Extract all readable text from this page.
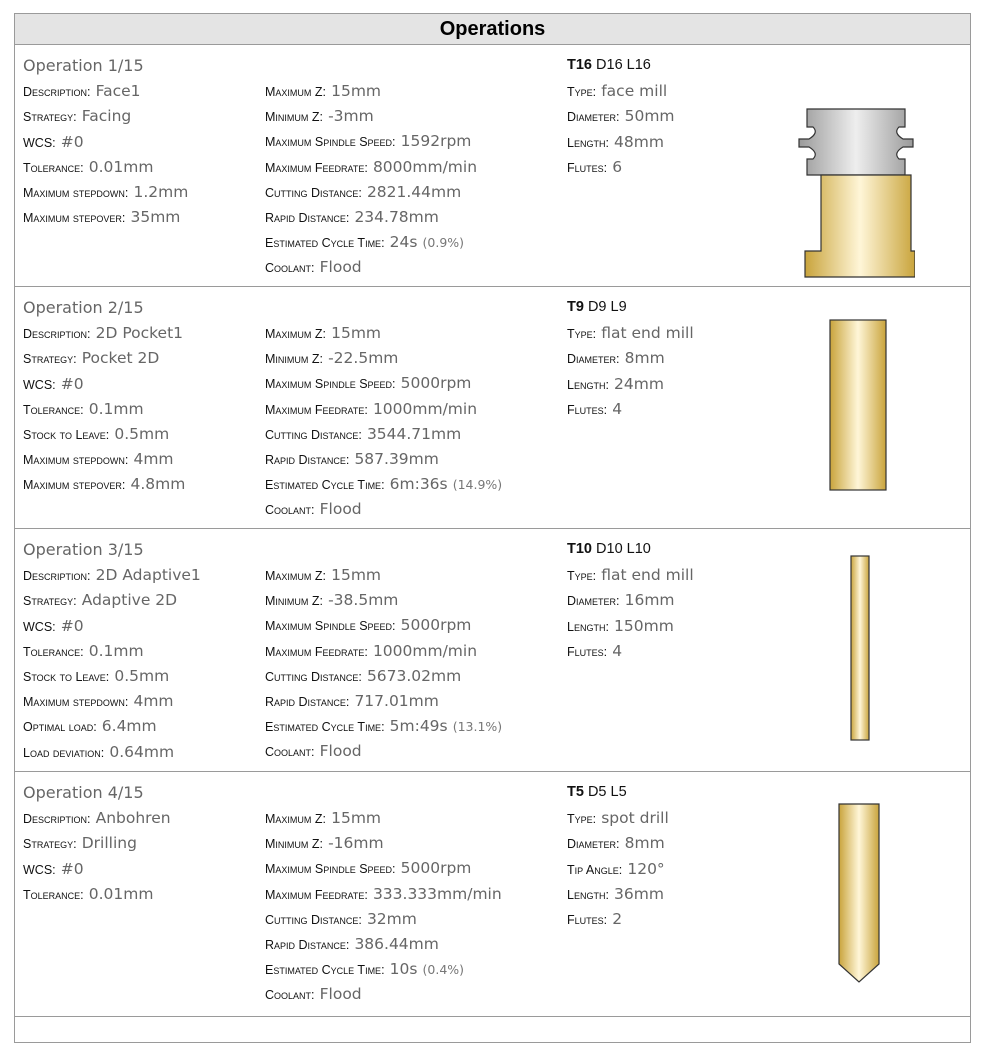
Operations
Operation 1/15
Description: Face1
Strategy: Facing
WCS: #0
Tolerance: 0.01mm
Maximum stepdown: 1.2mm
Maximum stepover: 35mm
Maximum Z: 15mm
Minimum Z: -3mm
Maximum Spindle Speed: 1592rpm
Maximum Feedrate: 8000mm/min
Cutting Distance: 2821.44mm
Rapid Distance: 234.78mm
Estimated Cycle Time: 24s (0.9%)
Coolant: Flood
T16 D16 L16
Type: face mill
Diameter: 50mm
Length: 48mm
Flutes: 6
Operation 2/15
Description: 2D Pocket1
Strategy: Pocket 2D
WCS: #0
Tolerance: 0.1mm
Stock to Leave: 0.5mm
Maximum stepdown: 4mm
Maximum stepover: 4.8mm
Maximum Z: 15mm
Minimum Z: -22.5mm
Maximum Spindle Speed: 5000rpm
Maximum Feedrate: 1000mm/min
Cutting Distance: 3544.71mm
Rapid Distance: 587.39mm
Estimated Cycle Time: 6m:36s (14.9%)
Coolant: Flood
T9 D9 L9
Type: flat end mill
Diameter: 8mm
Length: 24mm
Flutes: 4
Operation 3/15
Description: 2D Adaptive1
Strategy: Adaptive 2D
WCS: #0
Tolerance: 0.1mm
Stock to Leave: 0.5mm
Maximum stepdown: 4mm
Optimal load: 6.4mm
Load deviation: 0.64mm
Maximum Z: 15mm
Minimum Z: -38.5mm
Maximum Spindle Speed: 5000rpm
Maximum Feedrate: 1000mm/min
Cutting Distance: 5673.02mm
Rapid Distance: 717.01mm
Estimated Cycle Time: 5m:49s (13.1%)
Coolant: Flood
T10 D10 L10
Type: flat end mill
Diameter: 16mm
Length: 150mm
Flutes: 4
Operation 4/15
Description: Anbohren
Strategy: Drilling
WCS: #0
Tolerance: 0.01mm
Maximum Z: 15mm
Minimum Z: -16mm
Maximum Spindle Speed: 5000rpm
Maximum Feedrate: 333.333mm/min
Cutting Distance: 32mm
Rapid Distance: 386.44mm
Estimated Cycle Time: 10s (0.4%)
Coolant: Flood
T5 D5 L5
Type: spot drill
Diameter: 8mm
Tip Angle: 120°
Length: 36mm
Flutes: 2
